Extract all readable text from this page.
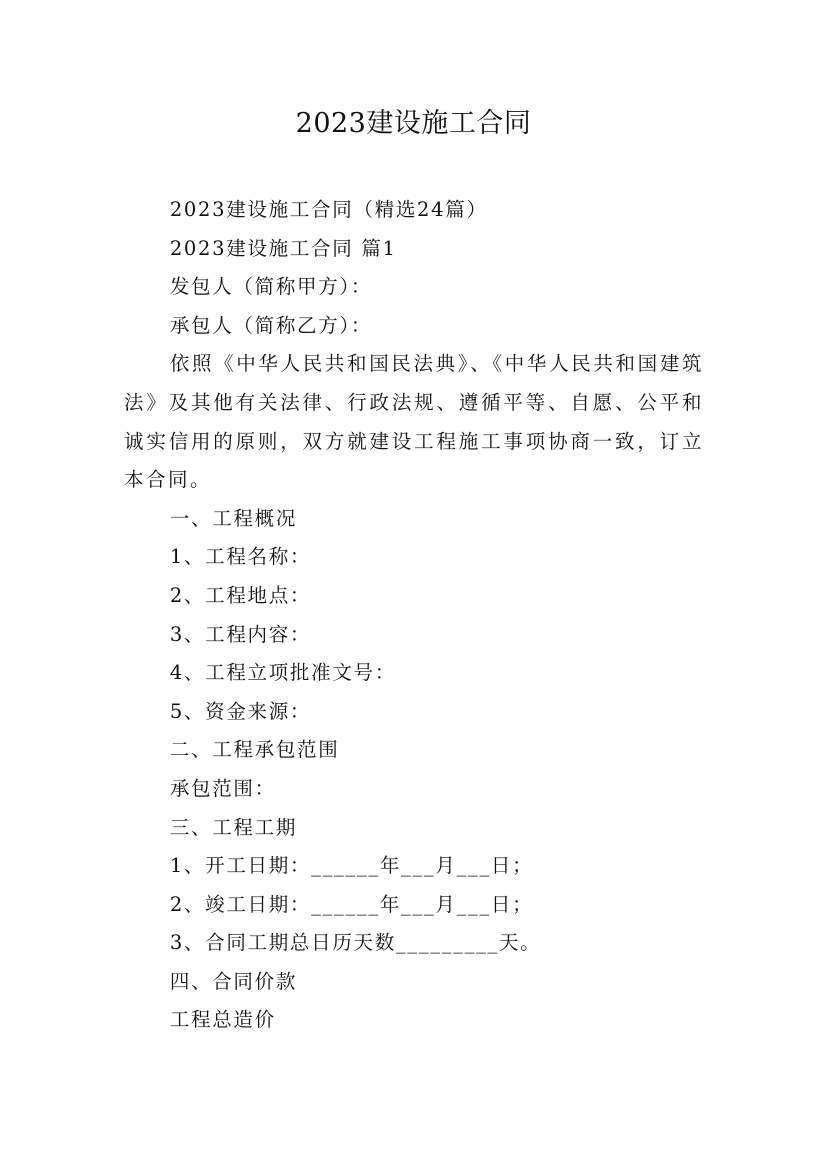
2023建设施工合同

2023建设施工合同（精选24篇）

2023建设施工合同 篇1

发包人（简称甲方）：

承包人（简称乙方）：

依照《中华人民共和国民法典》、《中华人民共和国建筑法》及其他有关法律、行政法规、遵循平等、自愿、公平和诚实信用的原则，双方就建设工程施工事项协商一致，订立本合同。

一、工程概况

1、工程名称：

2、工程地点：

3、工程内容：

4、工程立项批准文号：

5、资金来源：

二、工程承包范围

承包范围：

三、工程工期

1、开工日期：______年___月___日；

2、竣工日期：______年___月___日；

3、合同工期总日历天数_________天。

四、合同价款

工程总造价
